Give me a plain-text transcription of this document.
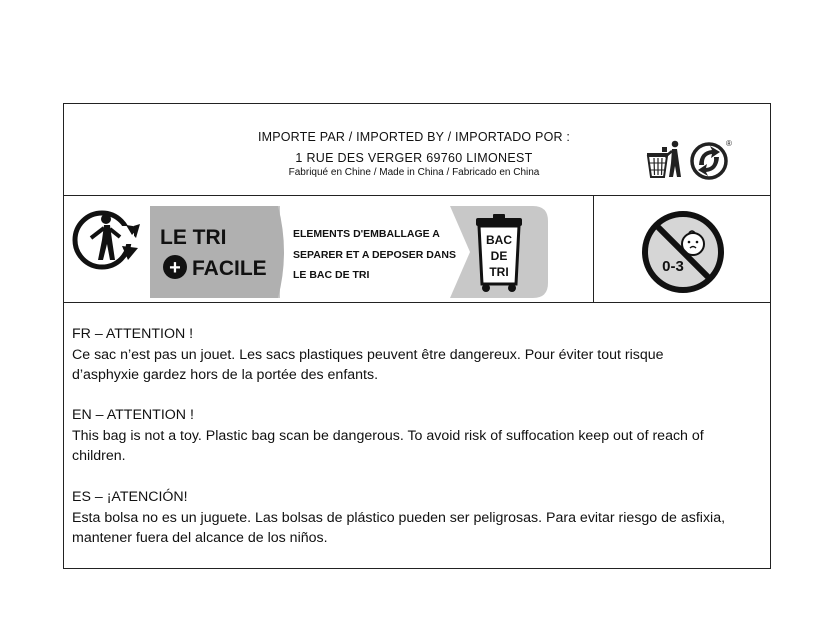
IMPORTE PAR / IMPORTED BY / IMPORTADO POR :
1 RUE DES VERGER 69760 LIMONEST
Fabriqué en Chine / Made in China / Fabricado en China
®
LE TRI
+ FACILE
ELEMENTS D'EMBALLAGE A
SEPARER ET A DEPOSER DANS
LE BAC DE TRI
BAC
DE
TRI	0-3

FR – ATTENTION !

Ce sac n’est pas un jouet. Les sacs plastiques peuvent être dangereux. Pour éviter tout risque

d’asphyxie gardez hors de la portée des enfants.

EN – ATTENTION !

This bag is not a toy. Plastic bag scan be dangerous. To avoid risk of suffocation keep out of reach of

children.

ES – ¡ATENCIÓN!

Esta bolsa no es un juguete. Las bolsas de plástico pueden ser peligrosas. Para evitar riesgo de asfixia,

mantener fuera del alcance de los niños.
